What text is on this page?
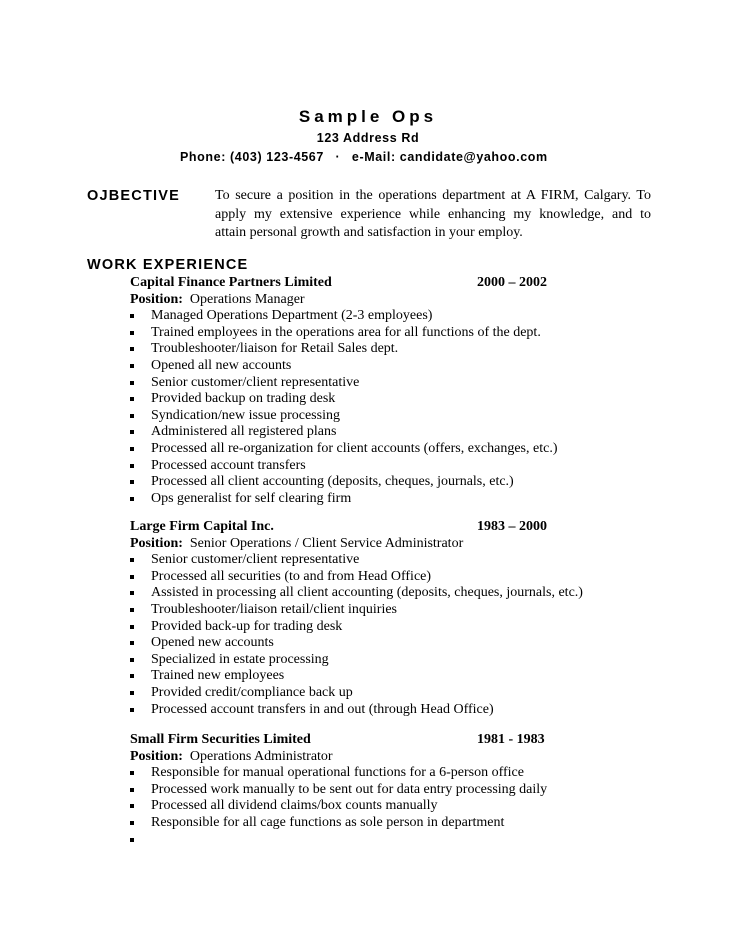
Sample Ops
123 Address Rd
Phone: (403) 123-4567 · e-Mail: candidate@yahoo.com
OJBECTIVE	To secure a position in the operations department at A FIRM, Calgary. To
apply my extensive experience while enhancing my knowledge, and to
attain personal growth and satisfaction in your employ.
WORK EXPERIENCE
Capital Finance Partners Limited	2000 – 2002
Position: Operations Manager
Managed Operations Department (2-3 employees)
Trained employees in the operations area for all functions of the dept.
Troubleshooter/liaison for Retail Sales dept.
Opened all new accounts
Senior customer/client representative
Provided backup on trading desk
Syndication/new issue processing
Administered all registered plans
Processed all re-organization for client accounts (offers, exchanges, etc.)
Processed account transfers
Processed all client accounting (deposits, cheques, journals, etc.)
Ops generalist for self clearing firm
Large Firm Capital Inc.	1983 – 2000
Position: Senior Operations / Client Service Administrator
Senior customer/client representative
Processed all securities (to and from Head Office)
Assisted in processing all client accounting (deposits, cheques, journals, etc.)
Troubleshooter/liaison retail/client inquiries
Provided back-up for trading desk
Opened new accounts
Specialized in estate processing
Trained new employees
Provided credit/compliance back up
Processed account transfers in and out (through Head Office)
Small Firm Securities Limited	1981 - 1983
Position: Operations Administrator
Responsible for manual operational functions for a 6-person office
Processed work manually to be sent out for data entry processing daily
Processed all dividend claims/box counts manually
Responsible for all cage functions as sole person in department
